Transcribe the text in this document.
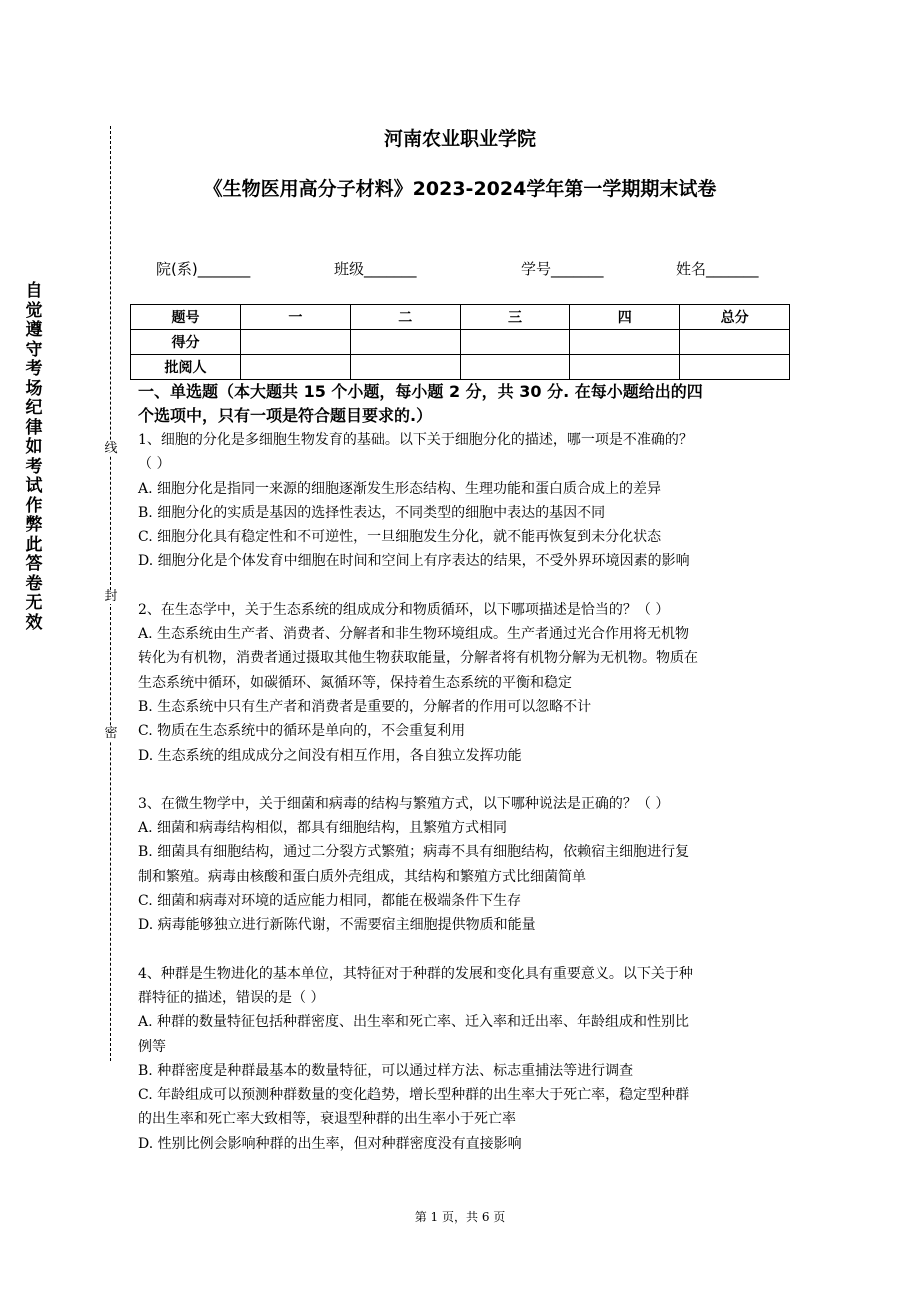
自
觉
遵
守
考
场
纪
律
如
考
试
作
弊
此
答
卷
无
效
线
封
密
河南农业职业学院
《生物医用高分子材料》2023-2024学年第一学期期末试卷
院(系)_______	班级_______	学号_______	姓名_______
题号	一	二	三	四	总分
得分					
批阅人					

一、单选题（本大题共 15 个小题，每小题 2 分，共 30 分. 在每小题给出的四

个选项中，只有一项是符合题目要求的.）

1、细胞的分化是多细胞生物发育的基础。以下关于细胞分化的描述，哪一项是不准确的？

（ ）

A. 细胞分化是指同一来源的细胞逐渐发生形态结构、生理功能和蛋白质合成上的差异

B. 细胞分化的实质是基因的选择性表达，不同类型的细胞中表达的基因不同

C. 细胞分化具有稳定性和不可逆性，一旦细胞发生分化，就不能再恢复到未分化状态

D. 细胞分化是个体发育中细胞在时间和空间上有序表达的结果，不受外界环境因素的影响

2、在生态学中，关于生态系统的组成成分和物质循环，以下哪项描述是恰当的？（ ）

A. 生态系统由生产者、消费者、分解者和非生物环境组成。生产者通过光合作用将无机物

转化为有机物，消费者通过摄取其他生物获取能量，分解者将有机物分解为无机物。物质在

生态系统中循环，如碳循环、氮循环等，保持着生态系统的平衡和稳定

B. 生态系统中只有生产者和消费者是重要的，分解者的作用可以忽略不计

C. 物质在生态系统中的循环是单向的，不会重复利用

D. 生态系统的组成成分之间没有相互作用，各自独立发挥功能

3、在微生物学中，关于细菌和病毒的结构与繁殖方式，以下哪种说法是正确的？（ ）

A. 细菌和病毒结构相似，都具有细胞结构，且繁殖方式相同

B. 细菌具有细胞结构，通过二分裂方式繁殖；病毒不具有细胞结构，依赖宿主细胞进行复

制和繁殖。病毒由核酸和蛋白质外壳组成，其结构和繁殖方式比细菌简单

C. 细菌和病毒对环境的适应能力相同，都能在极端条件下生存

D. 病毒能够独立进行新陈代谢，不需要宿主细胞提供物质和能量

4、种群是生物进化的基本单位，其特征对于种群的发展和变化具有重要意义。以下关于种

群特征的描述，错误的是（ ）

A. 种群的数量特征包括种群密度、出生率和死亡率、迁入率和迁出率、年龄组成和性别比

例等

B. 种群密度是种群最基本的数量特征，可以通过样方法、标志重捕法等进行调查

C. 年龄组成可以预测种群数量的变化趋势，增长型种群的出生率大于死亡率，稳定型种群

的出生率和死亡率大致相等，衰退型种群的出生率小于死亡率

D. 性别比例会影响种群的出生率，但对种群密度没有直接影响

第 1 页，共 6 页
